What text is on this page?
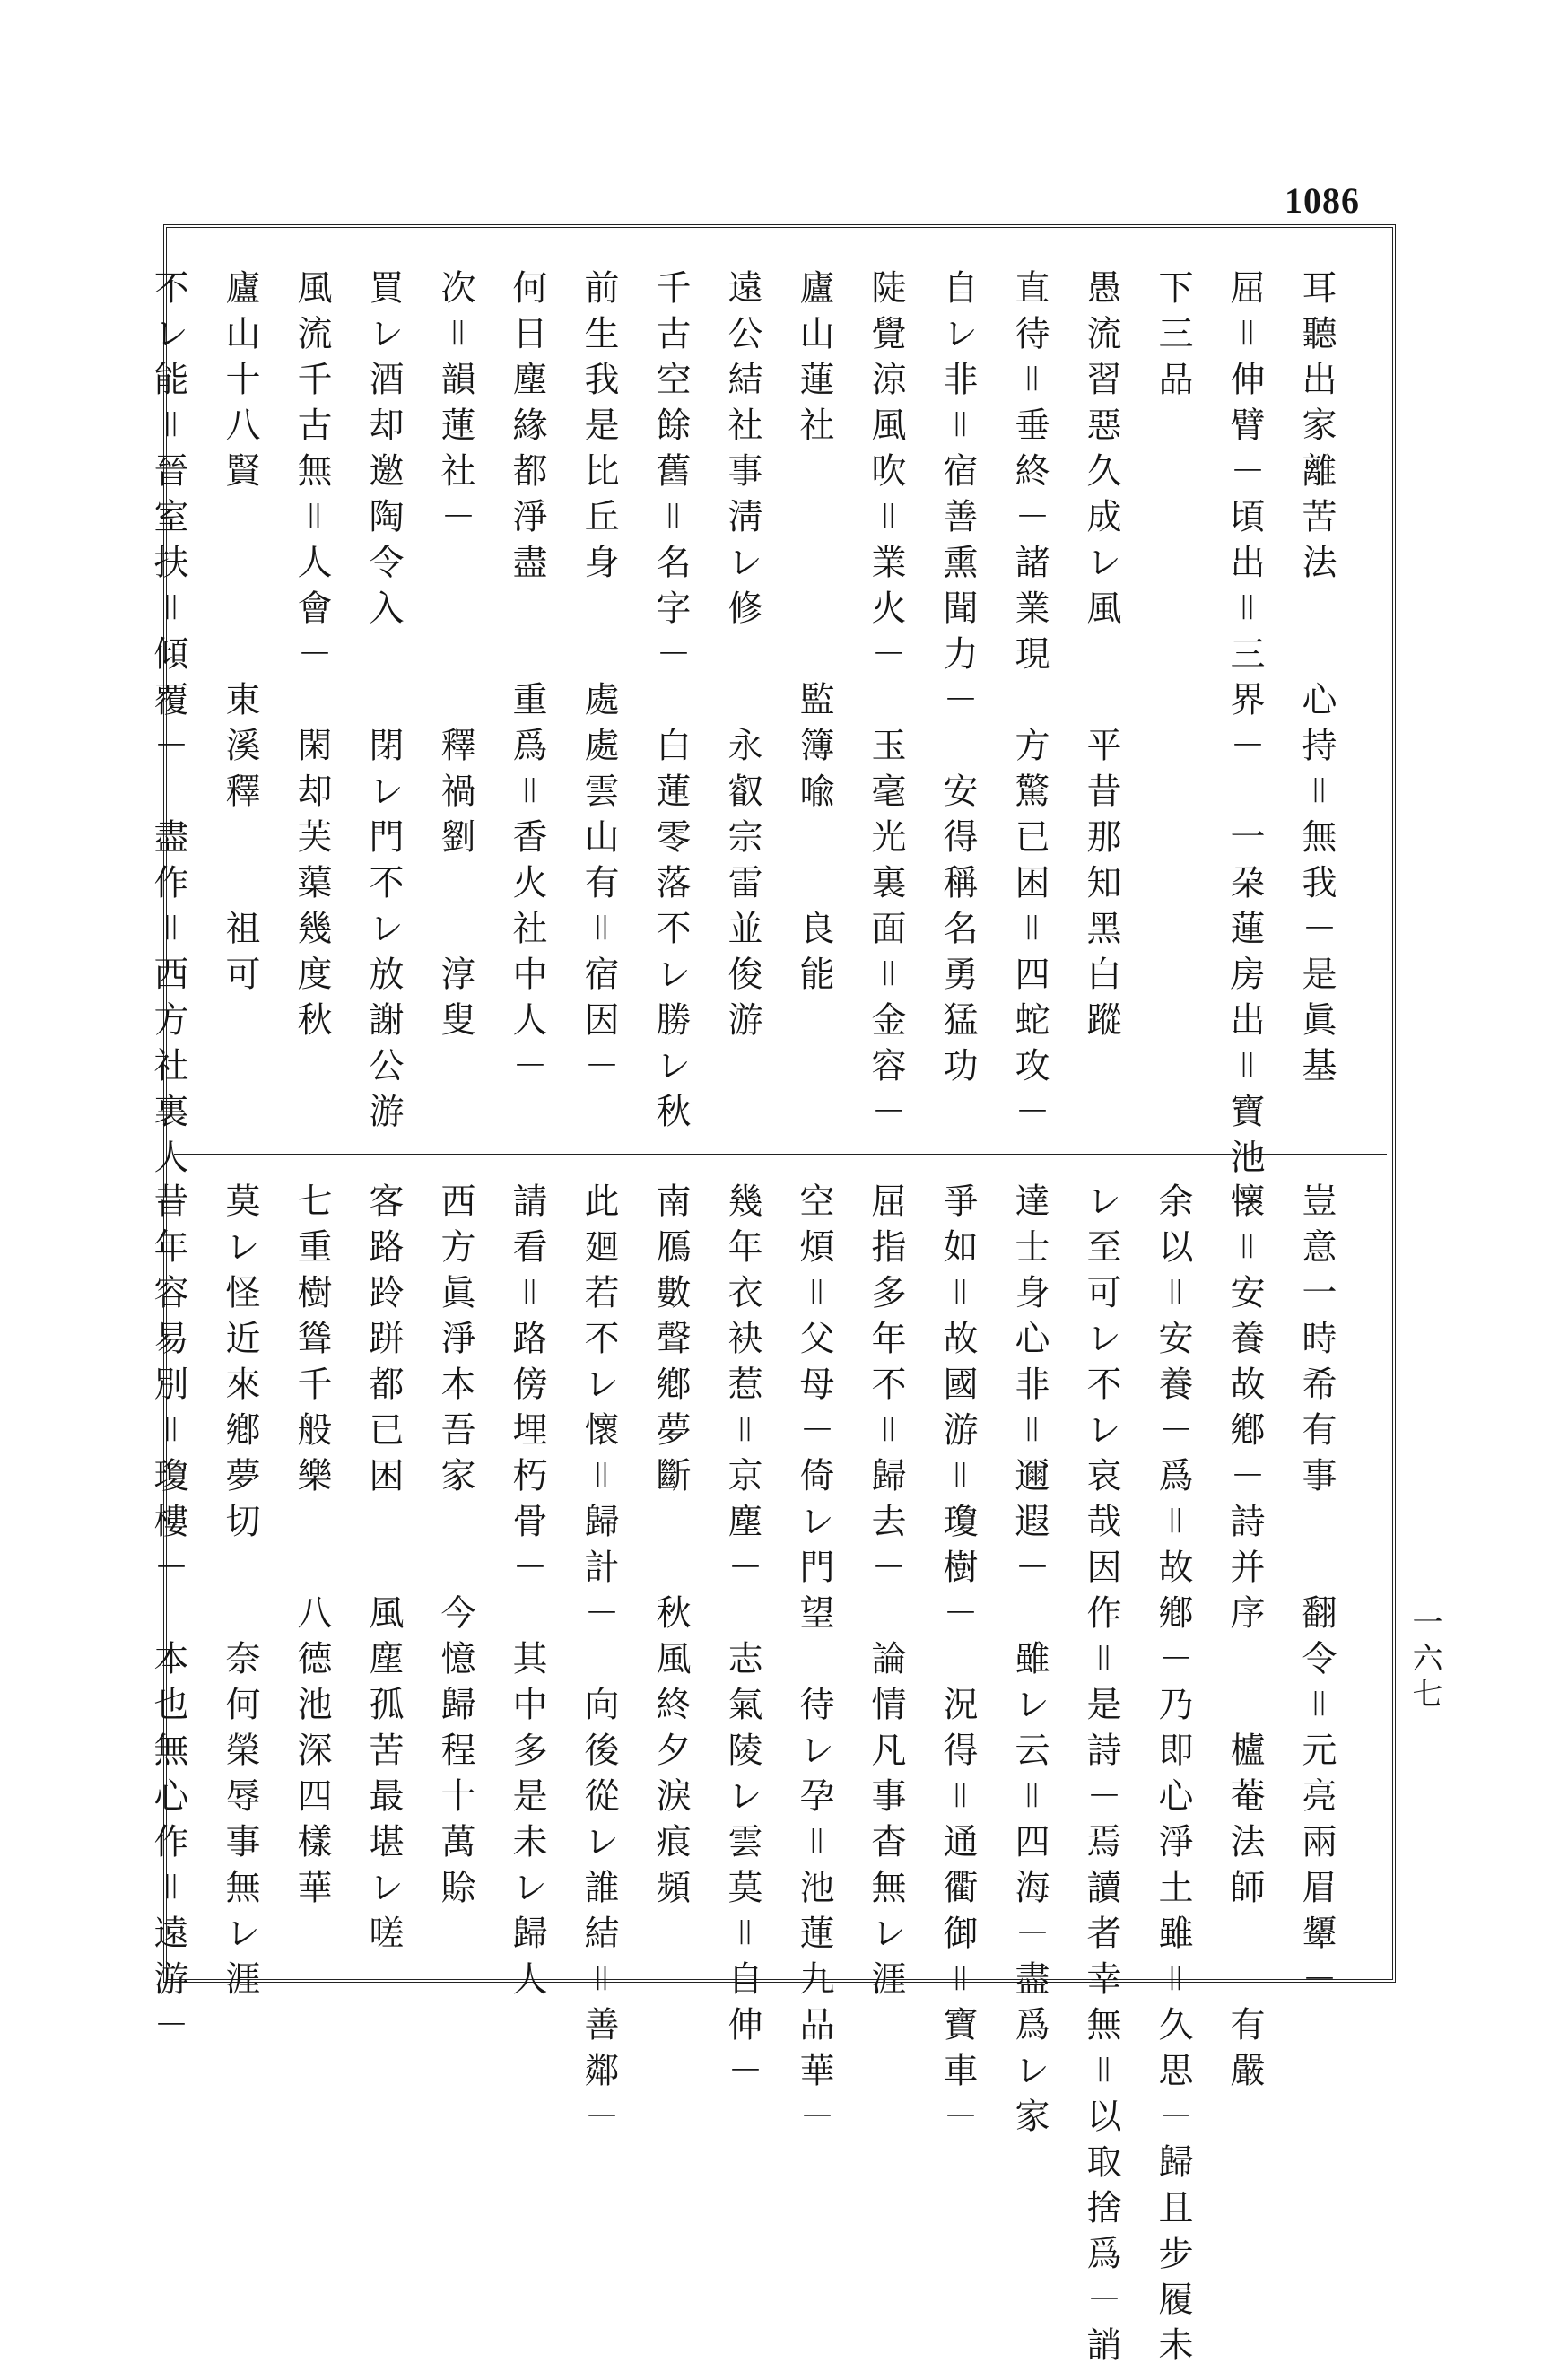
1086
一六七
耳聽出家離苦法　　心持＝無我－是眞基
屈＝伸臂－頃出＝三界－　一朶蓮房出＝寶池－
下三品
愚流習惡久成レ風　　平昔那知黑白蹤
直待＝垂終－諸業現　方驚已困＝四蛇攻－
自レ非＝宿善熏聞力－　安得稱名勇猛功
陡覺涼風吹＝業火－　玉毫光裏面＝金容－
廬山蓮社　　　　　監簿喩　　良能
遠公結社事淸レ修　　永叡宗雷並俊游
千古空餘舊＝名字－　白蓮零落不レ勝レ秋
前生我是比丘身　　處處雲山有＝宿因－
何日塵緣都淨盡　　重爲＝香火社中人－
次＝韻蓮社－　　　　釋禍劉　　淳叟
買レ酒却邀陶令入　　閉レ門不レ放謝公游
風流千古無＝人會－　閑却芙蕖幾度秋
廬山十八賢　　　　東溪釋　　祖可
不レ能＝晉室扶＝傾覆－　盡作＝西方社裏人－
豈意一時希有事　　翻令＝元亮兩眉顰－
懷＝安養故鄕－詩并序　　櫨菴法師　　有嚴
余以＝安養－爲＝故鄕－乃即心淨土雖＝久思－歸且步履未
レ至可レ不レ哀哉因作＝是詩－焉讀者幸無＝以取捨爲－誚
達士身心非＝邇遐－　雖レ云＝四海－盡爲レ家
爭如＝故國游＝瓊樹－　況得＝通衢御＝寶車－
屈指多年不＝歸去－　論情凡事杳無レ涯
空煩＝父母－倚レ門望　待レ孕＝池蓮九品華－
幾年衣袂惹＝京塵－　志氣陵レ雲莫＝自伸－
南鴈數聲鄕夢斷　　秋風終夕淚痕頻
此廻若不レ懷＝歸計－　向後從レ誰結＝善鄰－
請看＝路傍埋朽骨－　其中多是未レ歸人
西方眞淨本吾家　　今憶歸程十萬賒
客路跉跰都已困　　風塵孤苦最堪レ嗟
七重樹聳千般樂　　八德池深四樣華
莫レ怪近來鄕夢切　　奈何榮辱事無レ涯
昔年容易別＝瓊樓－　本也無心作＝遠游－
